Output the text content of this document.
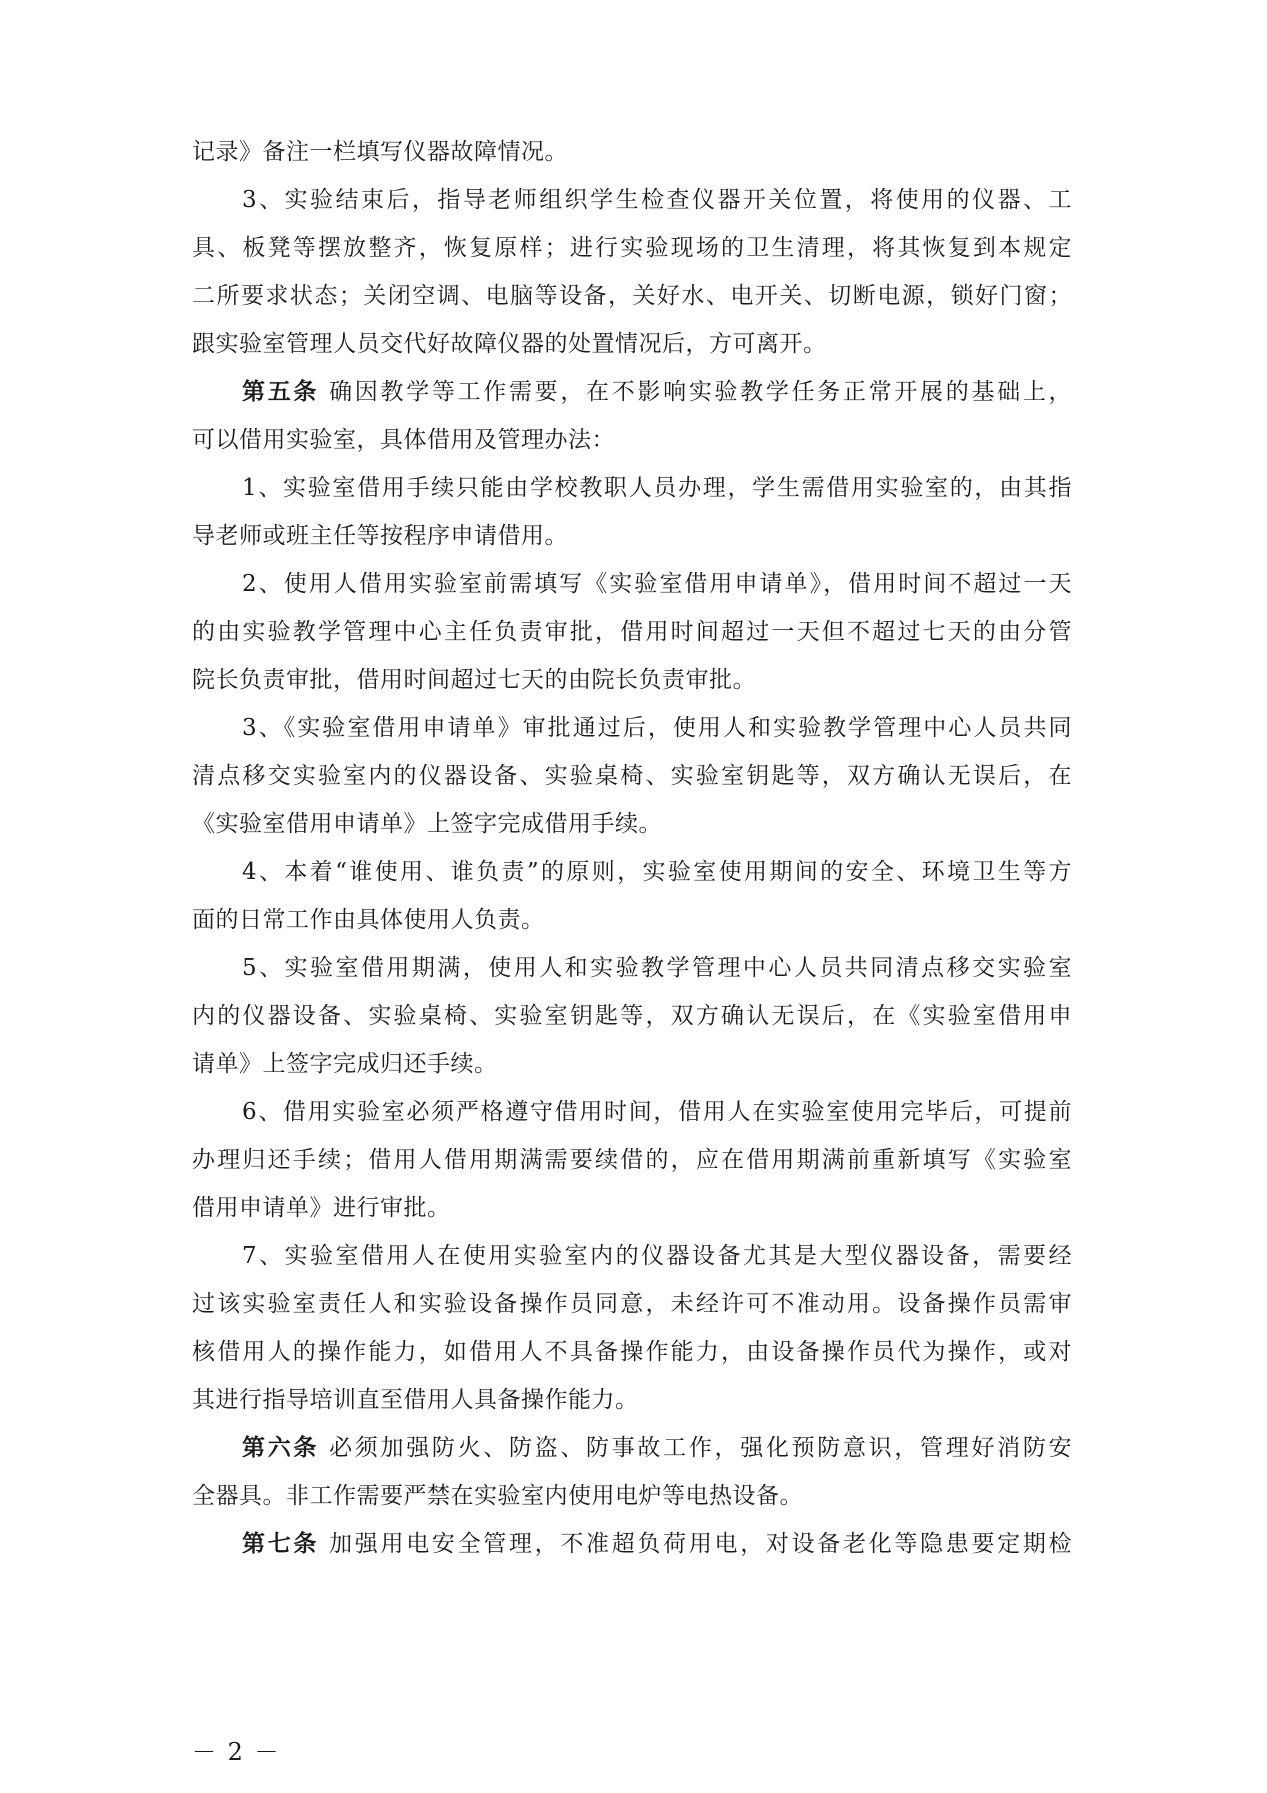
记录》备注一栏填写仪器故障情况。
3、实验结束后，指导老师组织学生检查仪器开关位置，将使用的仪器、工
具、板凳等摆放整齐，恢复原样；进行实验现场的卫生清理，将其恢复到本规定
二所要求状态；关闭空调、电脑等设备，关好水、电开关、切断电源，锁好门窗；
跟实验室管理人员交代好故障仪器的处置情况后，方可离开。
第五条 确因教学等工作需要，在不影响实验教学任务正常开展的基础上，
可以借用实验室，具体借用及管理办法：
1、实验室借用手续只能由学校教职人员办理，学生需借用实验室的，由其指
导老师或班主任等按程序申请借用。
2、使用人借用实验室前需填写《实验室借用申请单》，借用时间不超过一天
的由实验教学管理中心主任负责审批，借用时间超过一天但不超过七天的由分管
院长负责审批，借用时间超过七天的由院长负责审批。
3、《实验室借用申请单》审批通过后，使用人和实验教学管理中心人员共同
清点移交实验室内的仪器设备、实验桌椅、实验室钥匙等，双方确认无误后，在
《实验室借用申请单》上签字完成借用手续。
4、本着“谁使用、谁负责”的原则，实验室使用期间的安全、环境卫生等方
面的日常工作由具体使用人负责。
5、实验室借用期满，使用人和实验教学管理中心人员共同清点移交实验室
内的仪器设备、实验桌椅、实验室钥匙等，双方确认无误后，在《实验室借用申
请单》上签字完成归还手续。
6、借用实验室必须严格遵守借用时间，借用人在实验室使用完毕后，可提前
办理归还手续；借用人借用期满需要续借的，应在借用期满前重新填写《实验室
借用申请单》进行审批。
7、实验室借用人在使用实验室内的仪器设备尤其是大型仪器设备，需要经
过该实验室责任人和实验设备操作员同意，未经许可不准动用。设备操作员需审
核借用人的操作能力，如借用人不具备操作能力，由设备操作员代为操作，或对
其进行指导培训直至借用人具备操作能力。
第六条 必须加强防火、防盗、防事故工作，强化预防意识，管理好消防安
全器具。非工作需要严禁在实验室内使用电炉等电热设备。
第七条 加强用电安全管理，不准超负荷用电，对设备老化等隐患要定期检
－ 2 －
